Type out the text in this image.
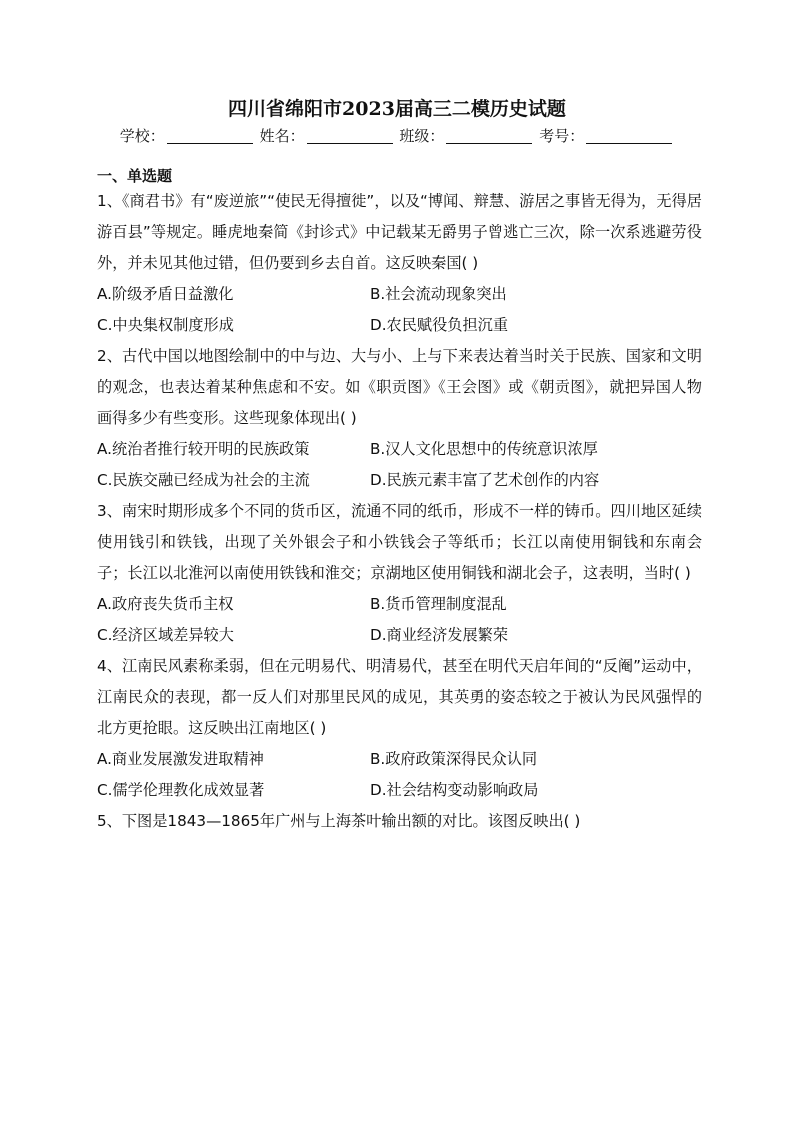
四川省绵阳市2023届高三二模历史试题
学校：	姓名：	班级：	考号：
一、单选题
1、《商君书》有“废逆旅”“使民无得擅徙”，以及“博闻、辩慧、游居之事皆无得为，无得居游百县”等规定。睡虎地秦简《封诊式》中记载某无爵男子曾逃亡三次，除一次系逃避劳役外，并未见其他过错，但仍要到乡去自首。这反映秦国( )
A.阶级矛盾日益激化	B.社会流动现象突出
C.中央集权制度形成	D.农民赋役负担沉重
2、古代中国以地图绘制中的中与边、大与小、上与下来表达着当时关于民族、国家和文明的观念，也表达着某种焦虑和不安。如《职贡图》《王会图》或《朝贡图》，就把异国人物画得多少有些变形。这些现象体现出( )
A.统治者推行较开明的民族政策	B.汉人文化思想中的传统意识浓厚
C.民族交融已经成为社会的主流	D.民族元素丰富了艺术创作的内容
3、南宋时期形成多个不同的货币区，流通不同的纸币，形成不一样的铸币。四川地区延续使用钱引和铁钱，出现了关外银会子和小铁钱会子等纸币；长江以南使用铜钱和东南会子；长江以北淮河以南使用铁钱和淮交；京湖地区使用铜钱和湖北会子，这表明，当时( )
A.政府丧失货币主权	B.货币管理制度混乱
C.经济区域差异较大	D.商业经济发展繁荣
4、江南民风素称柔弱，但在元明易代、明清易代，甚至在明代天启年间的“反阉”运动中，江南民众的表现，都一反人们对那里民风的成见，其英勇的姿态较之于被认为民风强悍的北方更抢眼。这反映出江南地区( )
A.商业发展激发进取精神	B.政府政策深得民众认同
C.儒学伦理教化成效显著	D.社会结构变动影响政局
5、下图是1843—1865年广州与上海茶叶输出额的对比。该图反映出( )
